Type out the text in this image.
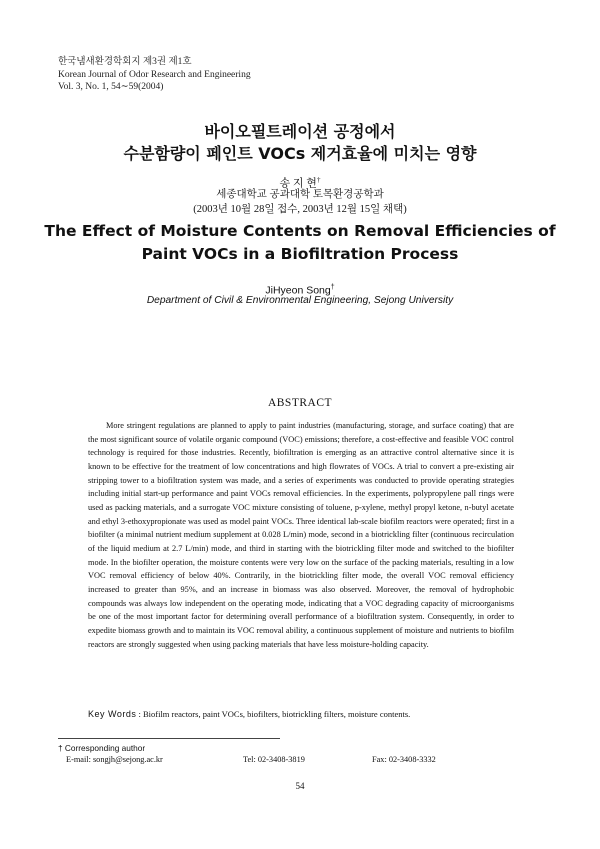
한국냄새환경학회지 제3권 제1호
Korean Journal of Odor Research and Engineering
Vol. 3, No. 1, 54∼59(2004)
바이오필트레이션 공정에서
수분함량이 페인트 VOCs 제거효율에 미치는 영향
송 지 현†
세종대학교 공과대학 토목환경공학과
(2003년 10월 28일 접수, 2003년 12월 15일 채택)
The Effect of Moisture Contents on Removal Efficiencies of
Paint VOCs in a Biofiltration Process
JiHyeon Song†
Department of Civil & Environmental Engineering, Sejong University
ABSTRACT

More stringent regulations are planned to apply to paint industries (manufacturing, storage, and surface coating) that are the most significant source of volatile organic compound (VOC) emissions; therefore, a cost-effective and feasible VOC control technology is required for those industries. Recently, biofiltration is emerging as an attractive control alternative since it is known to be effective for the treatment of low concentrations and high flowrates of VOCs. A trial to convert a pre-existing air stripping tower to a biofiltration system was made, and a series of experiments was conducted to provide operating strategies including initial start-up performance and paint VOCs removal efficiencies. In the experiments, polypropylene pall rings were used as packing materials, and a surrogate VOC mixture consisting of toluene, p-xylene, methyl propyl ketone, n-butyl acetate and ethyl 3-ethoxypropionate was used as model paint VOCs. Three identical lab-scale biofilm reactors were operated; first in a biofilter (a minimal nutrient medium supplement at 0.028 L/min) mode, second in a biotrickling filter (continuous recirculation of the liquid medium at 2.7 L/min) mode, and third in starting with the biotrickling filter mode and switched to the biofilter mode. In the biofilter operation, the moisture contents were very low on the surface of the packing materials, resulting in a low VOC removal efficiency of below 40%. Contrarily, in the biotrickling filter mode, the overall VOC removal efficiency increased to greater than 95%, and an increase in biomass was also observed. Moreover, the removal of hydrophobic compounds was always low independent on the operating mode, indicating that a VOC degrading capacity of microorganisms be one of the most important factor for determining overall performance of a biofiltration system. Consequently, in order to expedite biomass growth and to maintain its VOC removal ability, a continuous supplement of moisture and nutrients to biofilm reactors are strongly suggested when using packing materials that have less moisture-holding capacity.

Key Words : Biofilm reactors, paint VOCs, biofilters, biotrickling filters, moisture contents.
† Corresponding author
E-mail: songjh@sejong.ac.kr	Tel: 02-3408-3819	Fax: 02-3408-3332
54
